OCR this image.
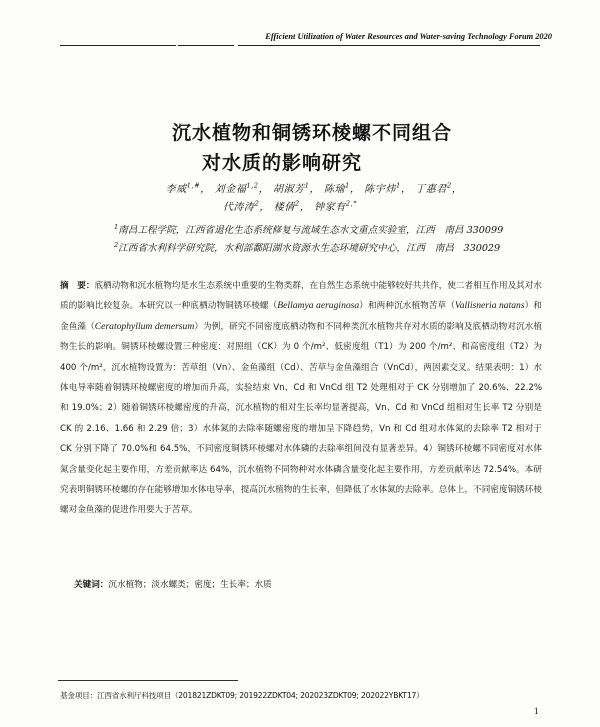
Efficient Utilization of Water Resources and Water-saving Technology Forum 2020
沉水植物和铜锈环棱螺不同组合
对水质的影响研究
李威$^{1,\#}$， 刘金福$^{1,2}$， 胡淑芳$^1$， 陈瑜$^1$， 陈宇炜$^1$， 丁惠君$^2$，
代涛涛$^2$， 楼倩$^2$， 钟家有$^{2,*}$
$^1$南昌工程学院，江西省退化生态系统修复与流域生态水文重点实验室，江西　南昌 330099
$^2$江西省水利科学研究院，水利部鄱阳湖水资源水生态环境研究中心，江西　南昌　330029
摘　要：底栖动物和沉水植物均是水生态系统中重要的生物类群，在自然生态系统中能够较好共共作，使二者相互作用及其对水质的影响比较复杂。本研究以一种底栖动物铜锈环棱螺（Bellamya aeruginosa）和两种沉水植物苦草（Vallisneria natans）和金鱼藻（Ceratophyllum demersum）为例，研究不同密度底栖动物和不同种类沉水植物共存对水质的影响及底栖动物对沉水植物生长的影响。铜锈环棱螺设置三种密度：对照组（CK）为 0 个/m²、低密度组（T1）为 200 个/m²、和高密度组（T2）为 400 个/m²，沉水植物设置为：苦草组（Vn）、金鱼藻组（Cd）、苦草与金鱼藻组合（VnCd），两因素交叉。结果表明：1）水体电导率随着铜锈环棱螺密度的增加而升高，实验结束 Vn、Cd 和 VnCd 组 T2 处理相对于 CK 分别增加了 20.6%、22.2%和 19.0%；2）随着铜锈环棱螺密度的升高，沉水植物的相对生长率均显著提高，Vn、Cd 和 VnCd 组相对生长率 T2 分别是 CK 的 2.16、1.66 和 2.29 倍；3）水体氮的去除率随螺密度的增加呈下降趋势，Vn 和 Cd 组对水体氮的去除率 T2 相对于 CK 分别下降了 70.0%和 64.5%，不同密度铜锈环棱螺对水体磷的去除率组间没有显著差异。4）铜锈环棱螺不同密度对水体氮含量变化起主要作用，方差贡献率达 64%，沉水植物不同物种对水体磷含量变化起主要作用，方差贡献率达 72.54%。本研究表明铜锈环棱螺的存在能够增加水体电导率，提高沉水植物的生长率，但降低了水体氮的去除率。总体上，不同密度铜锈环棱螺对金鱼藻的促进作用要大于苦草。
关键词：沉水植物；淡水螺类；密度；生长率；水质
基金项目：江西省水利厅科技项目（201821ZDKT09; 201922ZDKT04; 202023ZDKT09; 202022YBKT17）
1
